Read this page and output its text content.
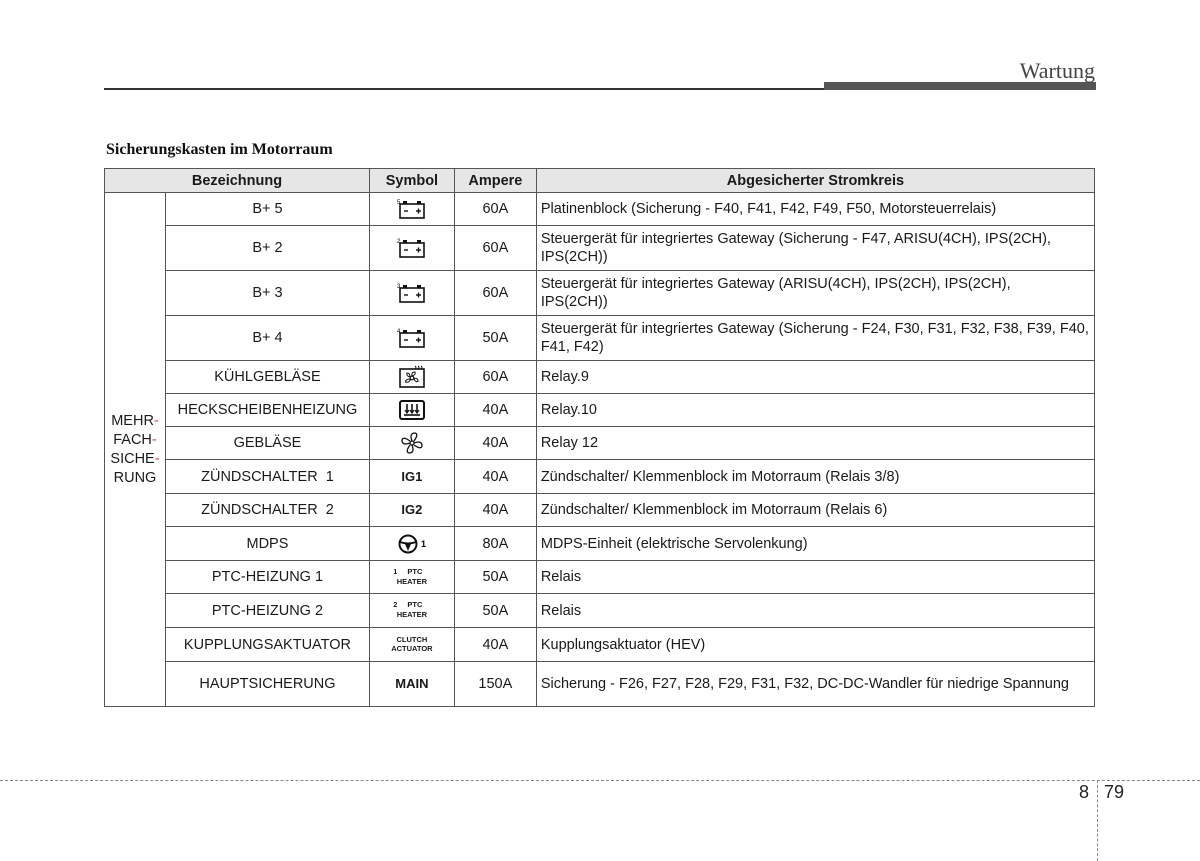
Wartung
Sicherungskasten im Motorraum
Bezeichnung		Symbol	Ampere	Abgesicherter Stromkreis
MEHR-
FACH-
SICHE-
RUNG	B+ 5	5	60A	Platinenblock (Sicherung - F40, F41, F42, F49, F50, Motorsteuerrelais)
	B+ 2	2	60A	Steuergerät für integriertes Gateway (Sicherung - F47, ARISU(4CH), IPS(2CH), IPS(2CH))
	B+ 3	3	60A	Steuergerät für integriertes Gateway (ARISU(4CH), IPS(2CH), IPS(2CH),
IPS(2CH))
	B+ 4	4	50A	Steuergerät für integriertes Gateway (Sicherung - F24, F30, F31, F32, F38, F39, F40, F41, F42)
	KÜHLGEBLÄSE		60A	Relay.9
	HECKSCHEIBENHEIZUNG		40A	Relay.10
	GEBLÄSE		40A	Relay 12
	ZÜNDSCHALTER  1	IG1	40A	Zündschalter/ Klemmenblock im Motorraum (Relais 3/8)
	ZÜNDSCHALTER  2	IG2	40A	Zündschalter/ Klemmenblock im Motorraum (Relais 6)
	MDPS	1	80A	MDPS-Einheit (elektrische Servolenkung)
	PTC-HEIZUNG 1	1 PTC
HEATER	50A	Relais
	PTC-HEIZUNG 2	2 PTC
HEATER	50A	Relais
	KUPPLUNGSAKTUATOR	CLUTCH
ACTUATOR	40A	Kupplungsaktuator (HEV)
	HAUPTSICHERUNG	MAIN	150A	Sicherung - F26, F27, F28, F29, F31, F32, DC-DC-Wandler für niedrige Spannung
8 79
